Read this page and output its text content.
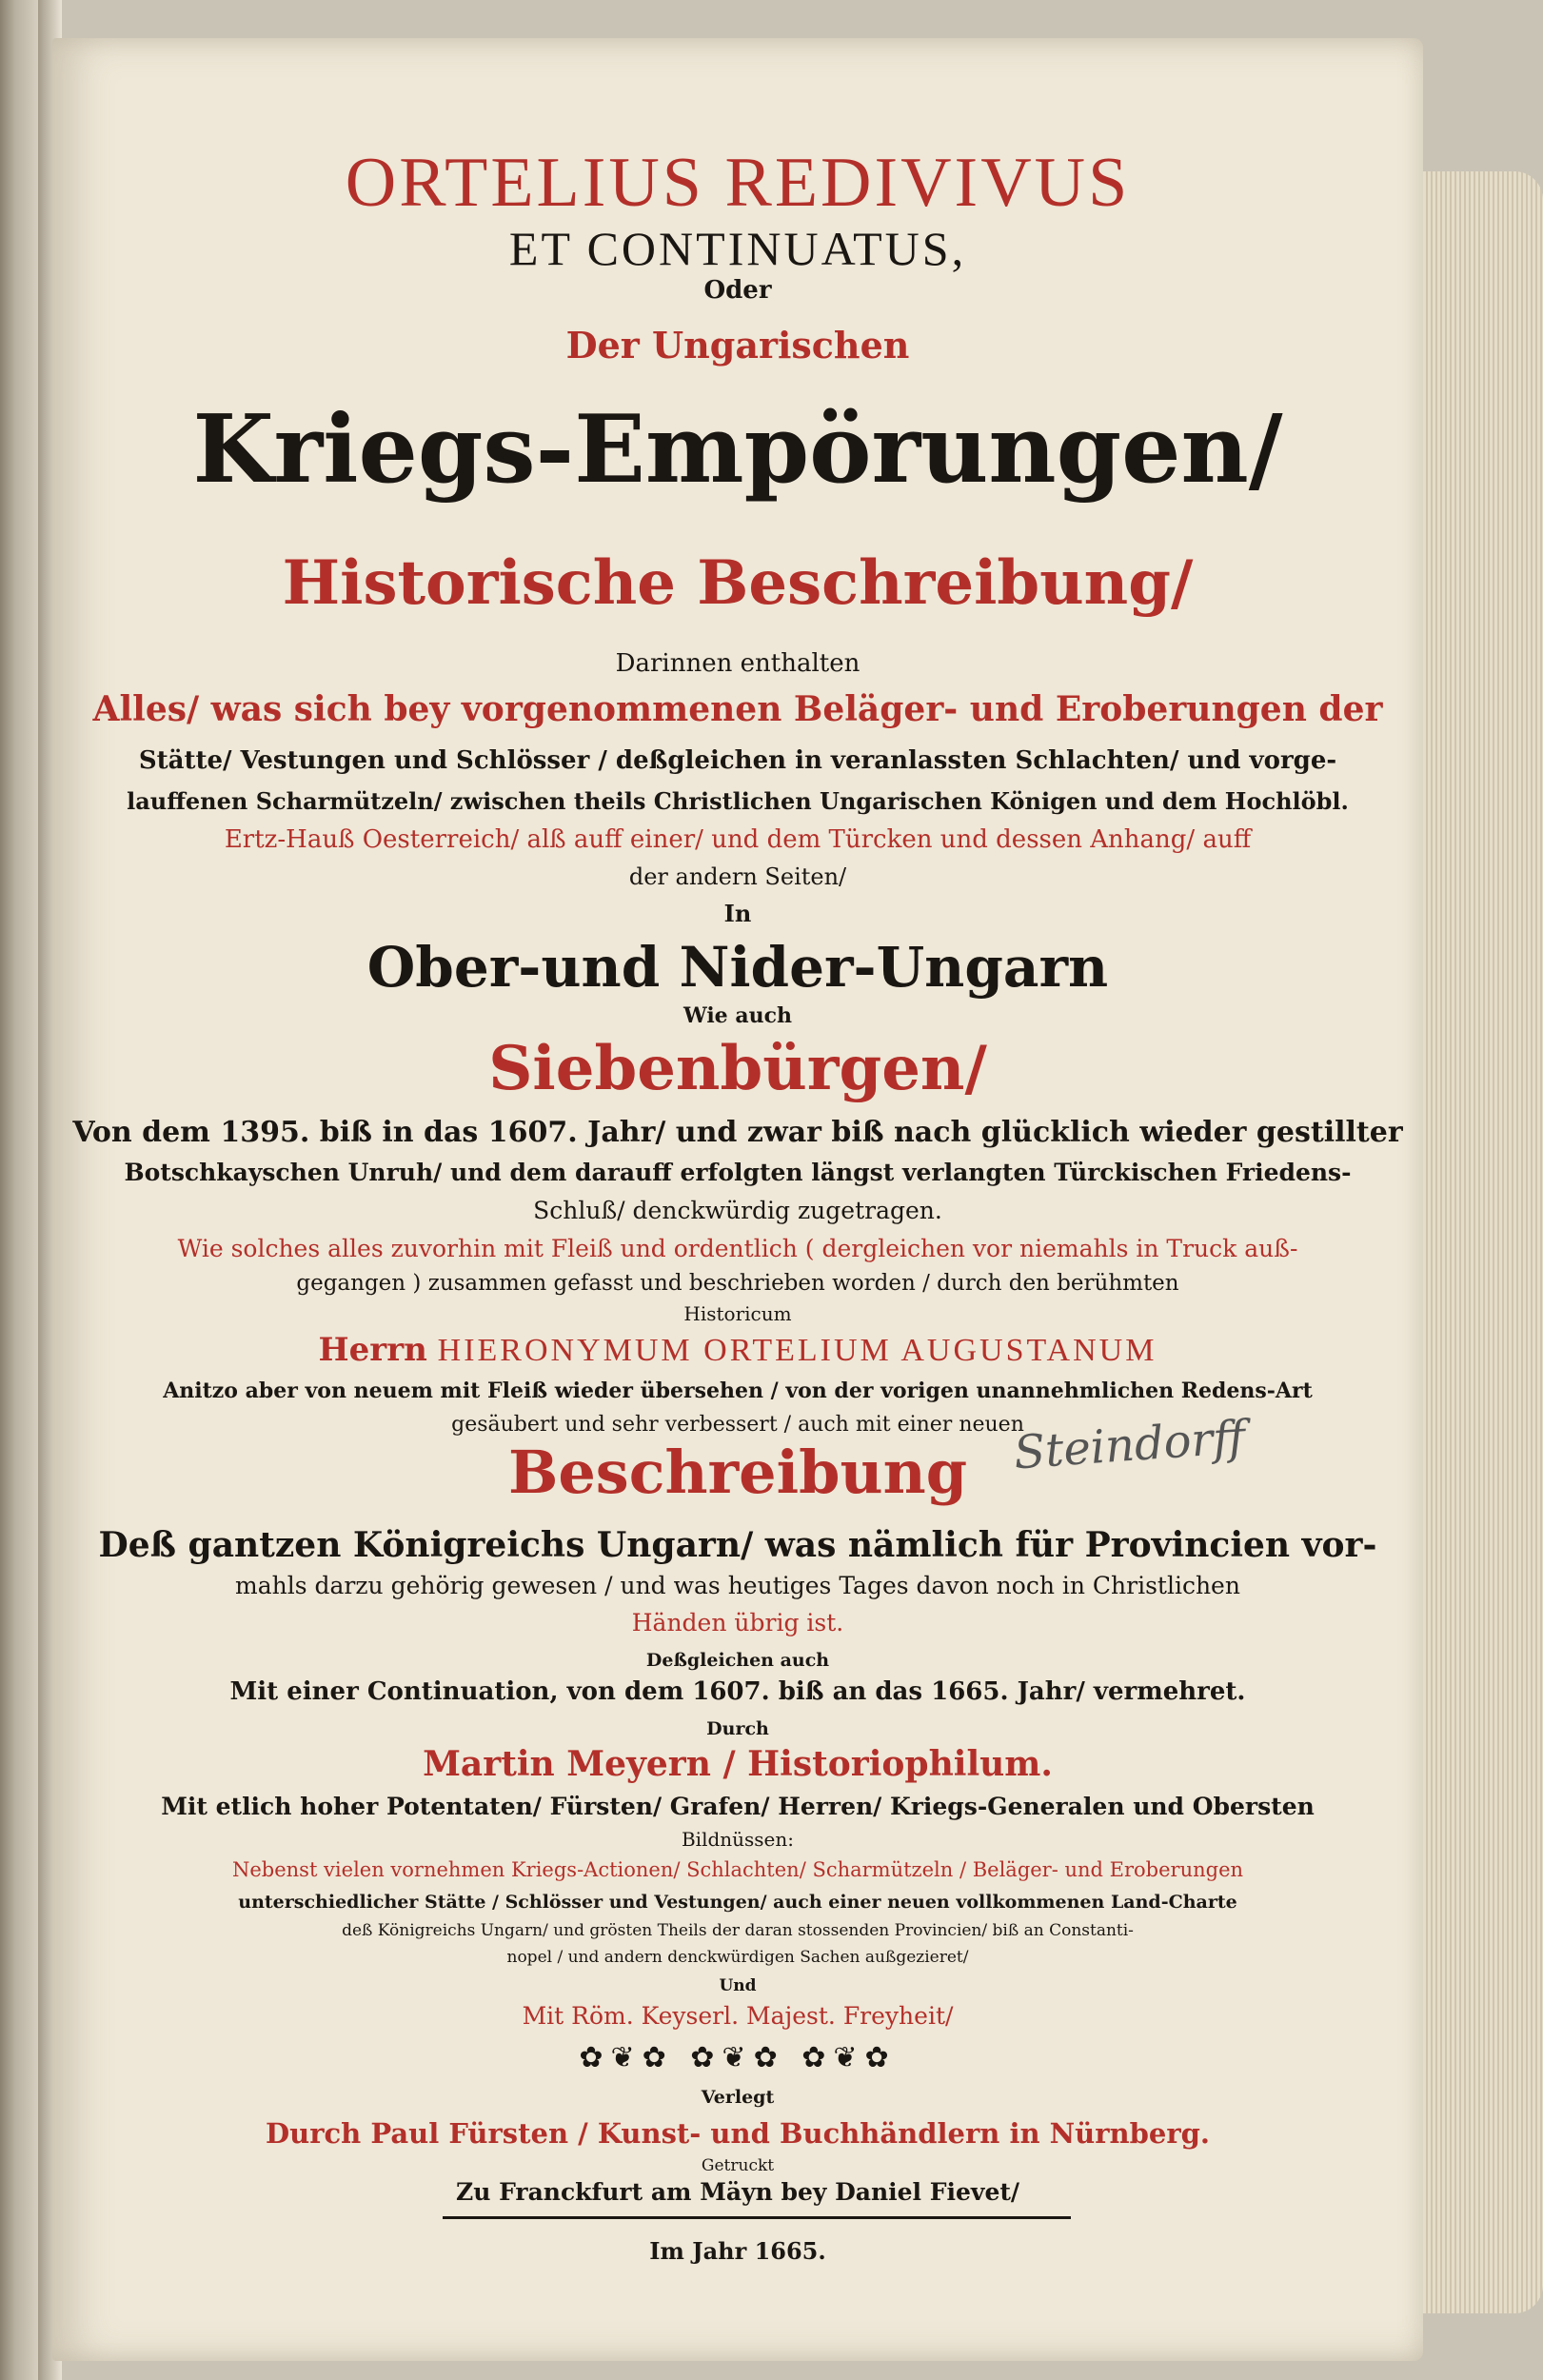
ORTELIUS REDIVIVUS
ET CONTINUATUS,
Oder
Der Ungarischen
Kriegs-Empörungen/
Historische Beschreibung/
Darinnen enthalten
Alles/ was sich bey vorgenommenen Beläger- und Eroberungen der
Stätte/ Vestungen und Schlösser / deßgleichen in veranlassten Schlachten/ und vorge-
lauffenen Scharmützeln/ zwischen theils Christlichen Ungarischen Königen und dem Hochlöbl.
Ertz-Hauß Oesterreich/ alß auff einer/ und dem Türcken und dessen Anhang/ auff
der andern Seiten/
In
Ober-und Nider-Ungarn
Wie auch
Siebenbürgen/
Von dem 1395. biß in das 1607. Jahr/ und zwar biß nach glücklich wieder gestillter
Botschkayschen Unruh/ und dem darauff erfolgten längst verlangten Türckischen Friedens-
Schluß/ denckwürdig zugetragen.
Wie solches alles zuvorhin mit Fleiß und ordentlich ( dergleichen vor niemahls in Truck auß-
gegangen ) zusammen gefasst und beschrieben worden / durch den berühmten
Historicum
Herrn HIERONYMUM ORTELIUM AUGUSTANUM
Anitzo aber von neuem mit Fleiß wieder übersehen / von der vorigen unannehmlichen Redens-Art
gesäubert und sehr verbessert / auch mit einer neuen
Beschreibung
Deß gantzen Königreichs Ungarn/ was nämlich für Provincien vor-
mahls darzu gehörig gewesen / und was heutiges Tages davon noch in Christlichen
Händen übrig ist.
Deßgleichen auch
Mit einer Continuation, von dem 1607. biß an das 1665. Jahr/ vermehret.
Durch
Martin Meyern / Historiophilum.
Mit etlich hoher Potentaten/ Fürsten/ Grafen/ Herren/ Kriegs-Generalen und Obersten
Bildnüssen:
Nebenst vielen vornehmen Kriegs-Actionen/ Schlachten/ Scharmützeln / Beläger- und Eroberungen
unterschiedlicher Stätte / Schlösser und Vestungen/ auch einer neuen vollkommenen Land-Charte
deß Königreichs Ungarn/ und grösten Theils der daran stossenden Provincien/ biß an Constanti-
nopel / und andern denckwürdigen Sachen außgezieret/
Und
Mit Röm. Keyserl. Majest. Freyheit/
✿❦✿ ✿❦✿ ✿❦✿
Verlegt
Durch Paul Fürsten / Kunst- und Buchhändlern in Nürnberg.
Getruckt
Zu Franckfurt am Mäyn bey Daniel Fievet/
Im Jahr 1665.
Steindorff
